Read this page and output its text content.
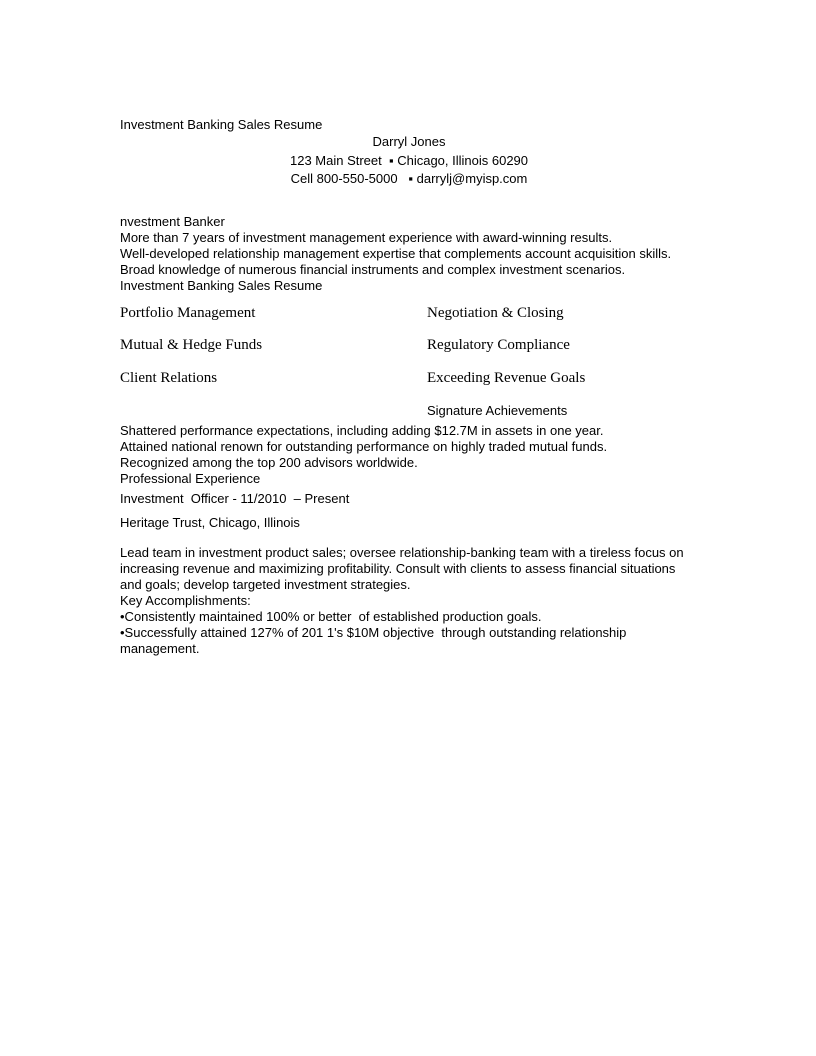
Investment Banking Sales Resume
Darryl Jones
123 Main Street  ▪ Chicago, Illinois 60290
Cell 800-550-5000   ▪ darrylj@myisp.com
nvestment Banker

More than 7 years of investment management experience with award-winning results.

Well-developed relationship management expertise that complements account acquisition skills.

Broad knowledge of numerous financial instruments and complex investment scenarios.

Investment Banking Sales Resume

Portfolio Management	Negotiation & Closing
Mutual & Hedge Funds	Regulatory Compliance
Client Relations	Exceeding Revenue Goals
Signature Achievements

Shattered performance expectations, including adding $12.7M in assets in one year.

Attained national renown for outstanding performance on highly traded mutual funds.

Recognized among the top 200 advisors worldwide.

Professional Experience
Investment  Officer - 11/2010  – Present
Heritage Trust, Chicago, Illinois

Lead team in investment product sales; oversee relationship-banking team with a tireless focus on increasing revenue and maximizing profitability. Consult with clients to assess financial situations and goals; develop targeted investment strategies.

Key Accomplishments:

•Consistently maintained 100% or better  of established production goals.

•Successfully attained 127% of 201 1's $10M objective  through outstanding relationship management.
